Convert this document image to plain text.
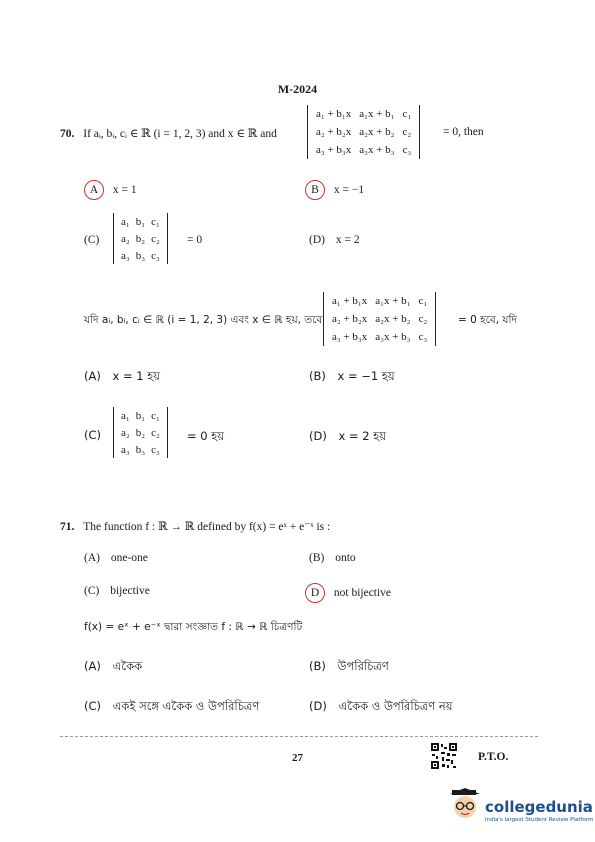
M-2024
70. If aᵢ, bᵢ, cᵢ ∈ ℝ (i = 1, 2, 3) and x ∈ ℝ and
a₁ + b₁x	a₁x + b₁	c₁
a₂ + b₂x	a₂x + b₂	c₂
a₃ + b₃x	a₃x + b₃	c₃
= 0, then
A x = 1	B x = −1
(C)
a₁	b₁	c₁
a₂	b₂	c₂
a₃	b₃	c₃
= 0	(D) x = 2
যদি aᵢ, bᵢ, cᵢ ∈ ℝ (i = 1, 2, 3) এবং x ∈ ℝ হয়, তবে
a₁ + b₁x	a₁x + b₁	c₁
a₂ + b₂x	a₂x + b₂	c₂
a₃ + b₃x	a₃x + b₃	c₃
= 0 হবে, যদি
(A) x = 1 হয়	(B) x = −1 হয়
(C)
a₁	b₁	c₁
a₂	b₂	c₂
a₃	b₃	c₃
= 0 হয়	(D) x = 2 হয়
71. The function f : ℝ → ℝ defined by f(x) = eˣ + e⁻ˣ is :
(A) one-one	(B) onto
(C) bijective	D not bijective
f(x) = eˣ + e⁻ˣ দ্বারা সংজ্ঞাত f : ℝ → ℝ চিত্রণটি
(A) একৈক	(B) উপরিচিত্রণ
(C) একই সঙ্গে একৈক ও উপরিচিত্রণ	(D) একৈক ও উপরিচিত্রণ নয়
27	P.T.O.
collegedunia
India's largest Student Review Platform
